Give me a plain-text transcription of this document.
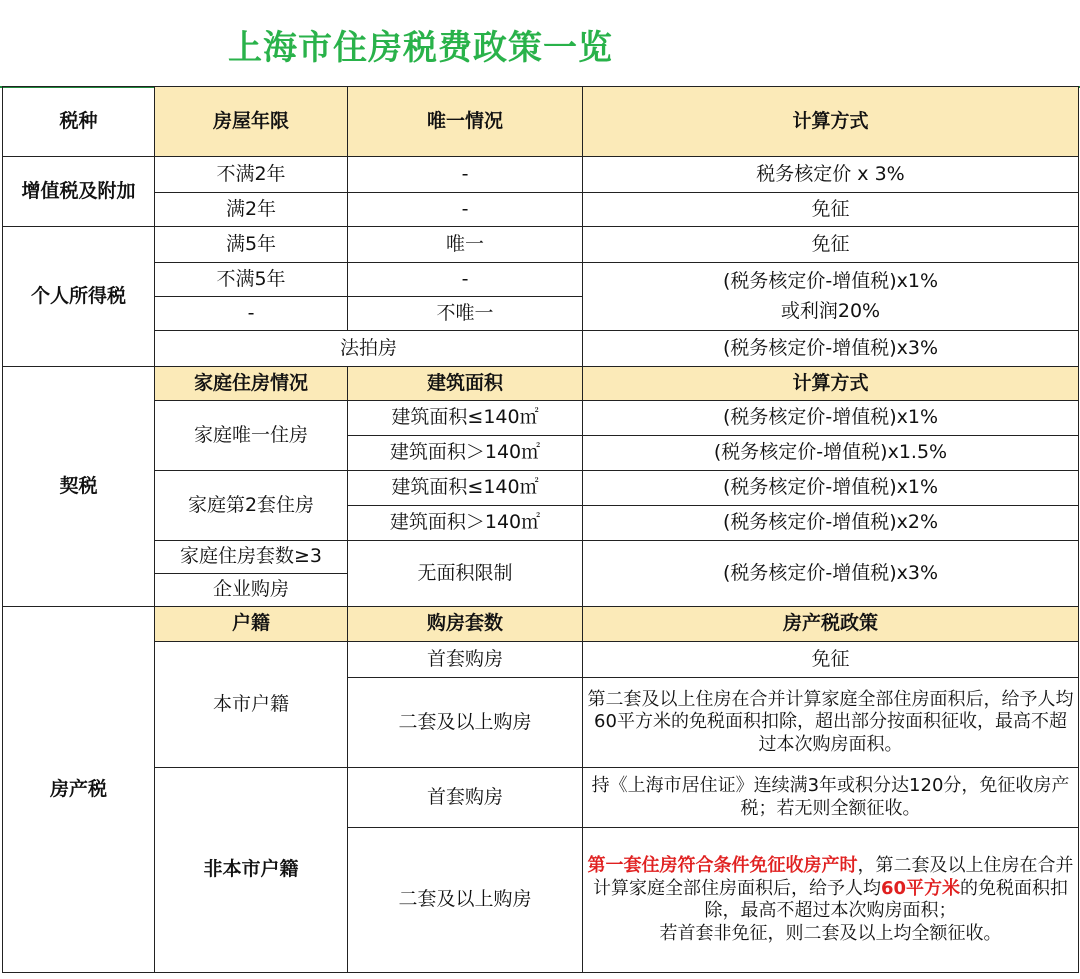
上海市住房税费政策一览
税种	房屋年限	唯一情况	计算方式
增值税及附加	不满2年	-	税务核定价 x 3%
	满2年	-	免征
个人所得税	满5年	唯一	免征
	不满5年	-	(税务核定价-增值税)x1%
或利润20%

	-	不唯一	
	法拍房		(税务核定价-增值税)x3%
契税	家庭住房情况	建筑面积	计算方式
	家庭唯一住房	建筑面积≤140㎡	(税务核定价-增值税)x1%
		建筑面积＞140㎡	(税务核定价-增值税)x1.5%
	家庭第2套住房	建筑面积≤140㎡	(税务核定价-增值税)x1%
		建筑面积＞140㎡	(税务核定价-增值税)x2%
	家庭住房套数≥3	无面积限制	(税务核定价-增值税)x3%
	企业购房		

房产税	户籍	购房套数	房产税政策
	本市户籍	首套购房	免征
		二套及以上购房	第二套及以上住房在合并计算家庭全部住房面积后，给予人均60平方米的免税面积扣除，超出部分按面积征收，最高不超过本次购房面积。
	非本市户籍	首套购房	持《上海市居住证》连续满3年或积分达120分，免征收房产税；若无则全额征收。
		二套及以上购房	第一套住房符合条件免征收房产时，第二套及以上住房在合并计算家庭全部住房面积后，给予人均60平方米的免税面积扣除，最高不超过本次购房面积；
若首套非免征，则二套及以上均全额征收。
